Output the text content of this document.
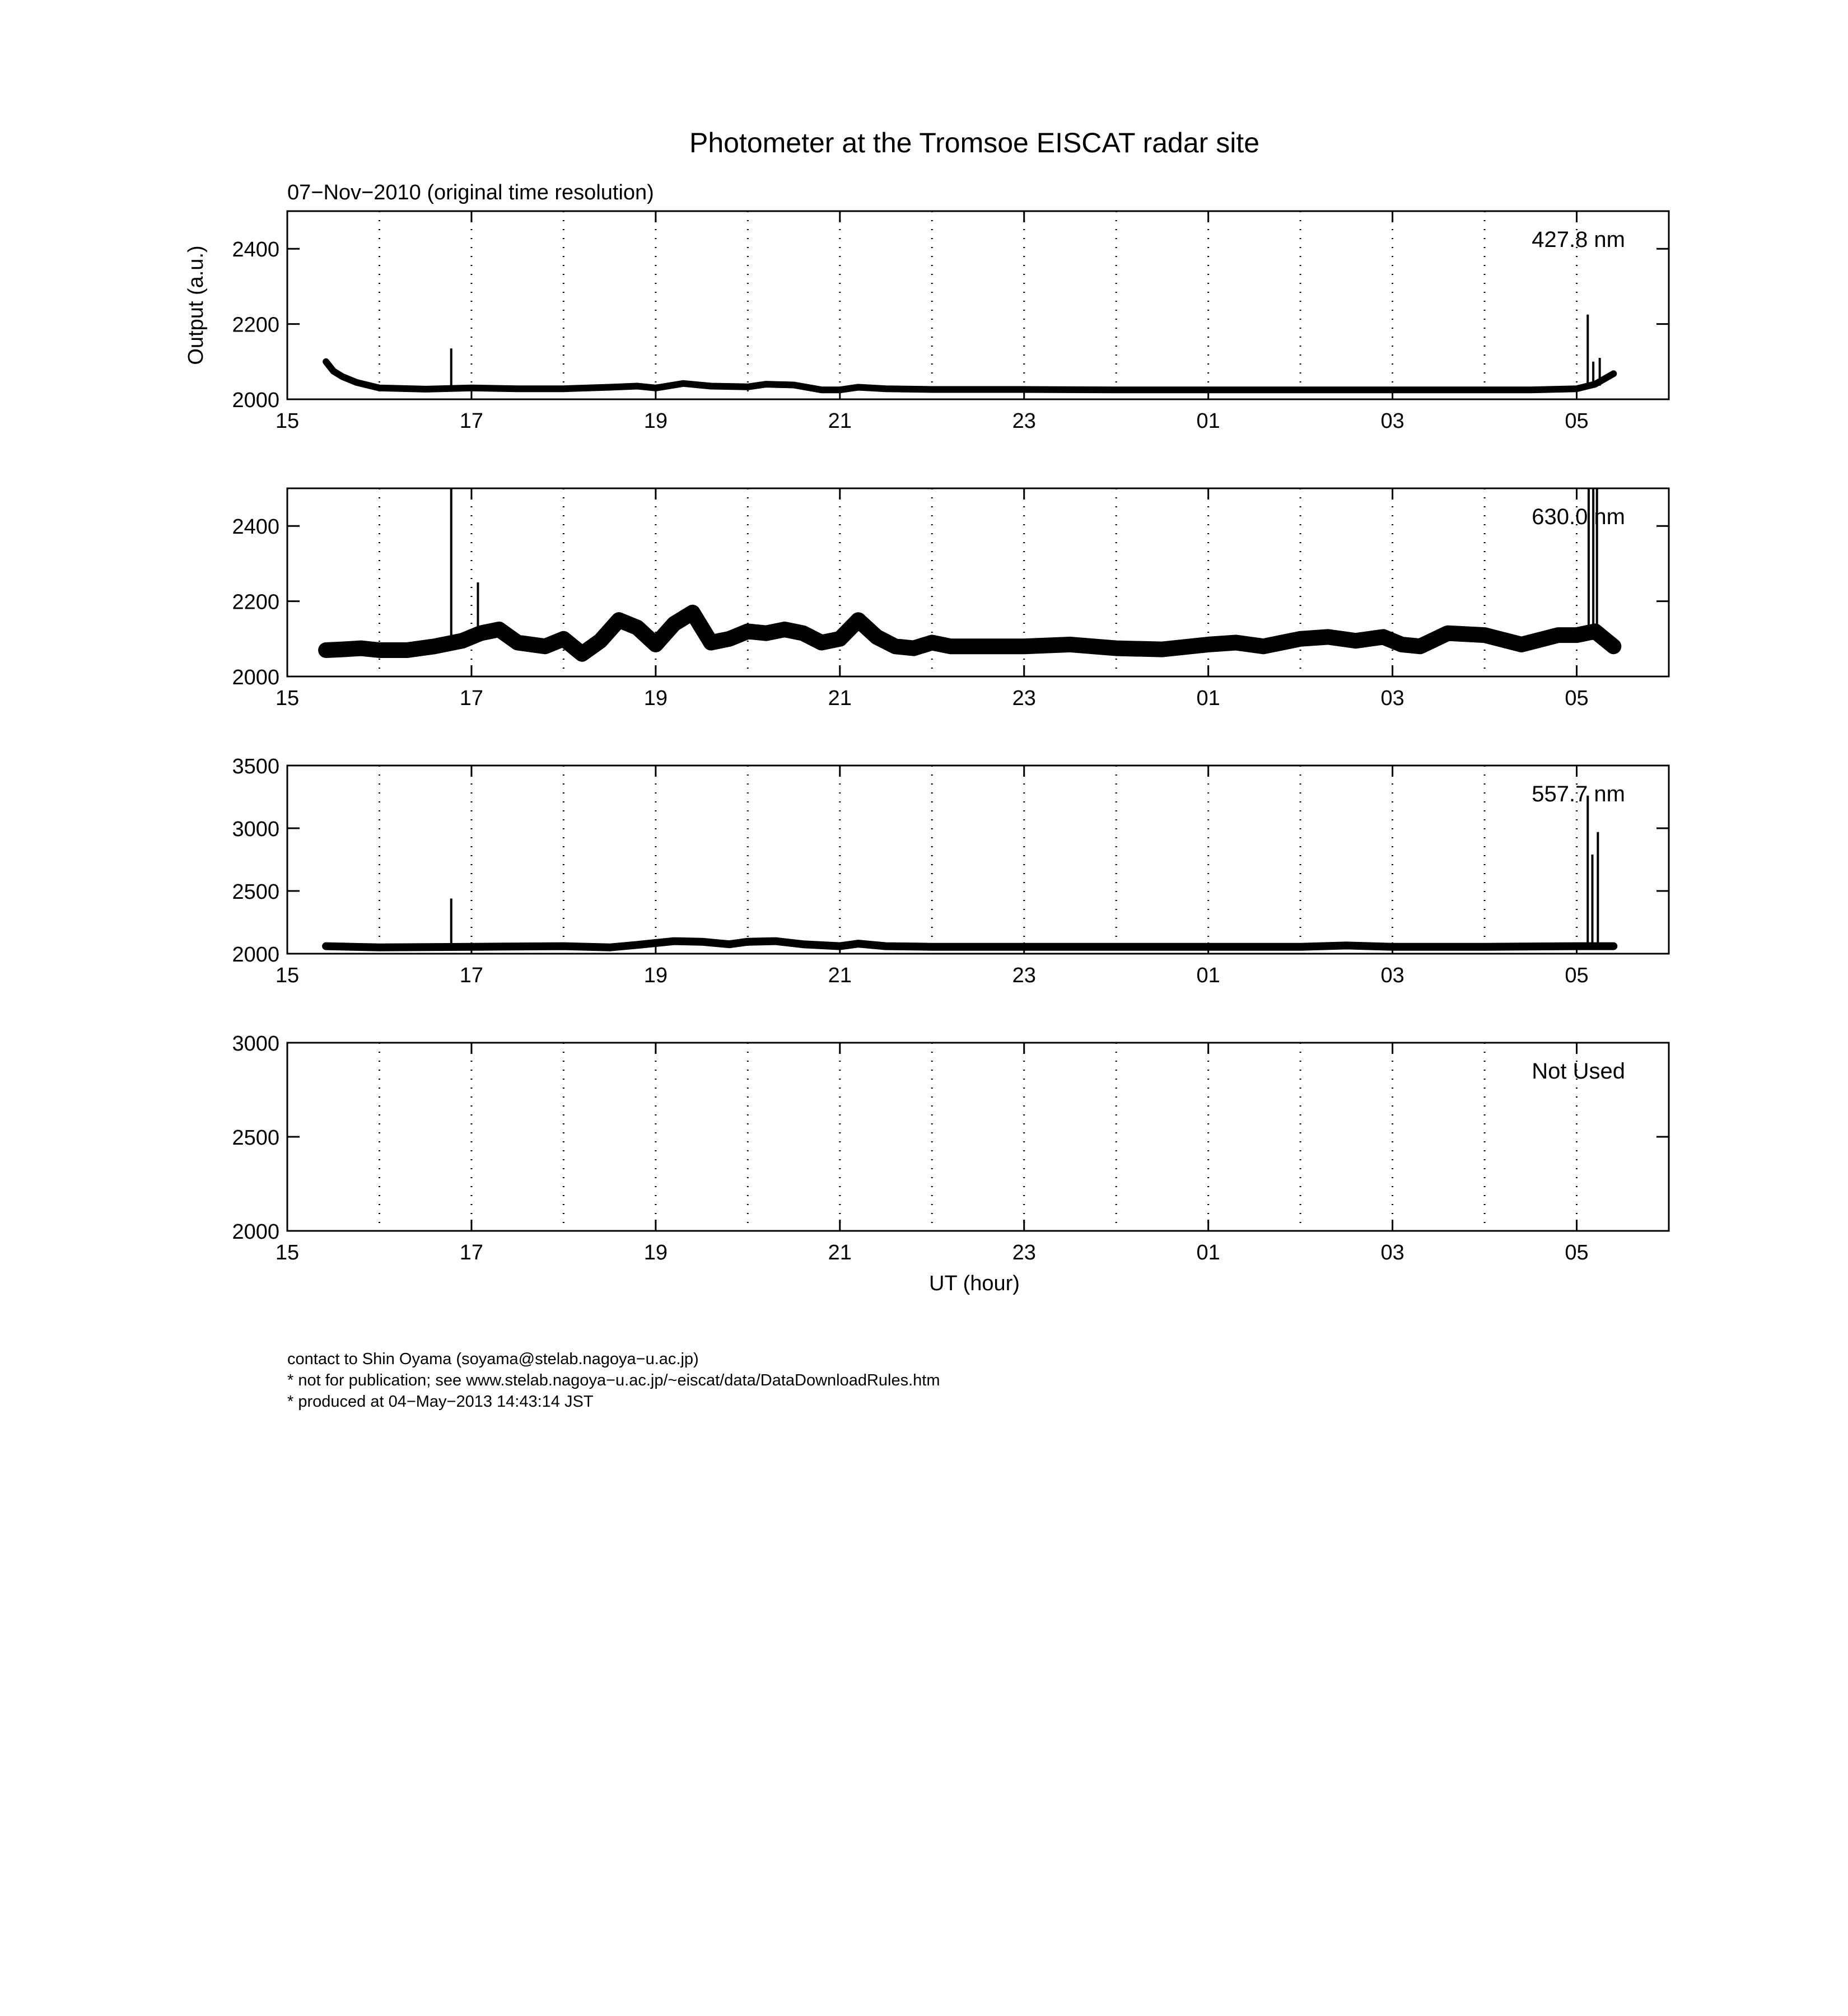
Photometer at the Tromsoe EISCAT radar site
07−Nov−2010 (original time resolution)
Output (a.u.)
UT (hour)
15	17	19	21	23	01	03	05
2000
2200
2400	427.8 nm
15	17	19	21	23	01	03	05
2000
2200
2400	630.0 nm
15	17	19	21	23	01	03	05
2000
2500
3000
3500
557.7 nm
15	17	19	21	23	01	03	05
2000
2500
3000
Not Used
contact to Shin Oyama (soyama@stelab.nagoya−u.ac.jp)
* not for publication; see www.stelab.nagoya−u.ac.jp/~eiscat/data/DataDownloadRules.htm
* produced at 04−May−2013 14:43:14 JST
